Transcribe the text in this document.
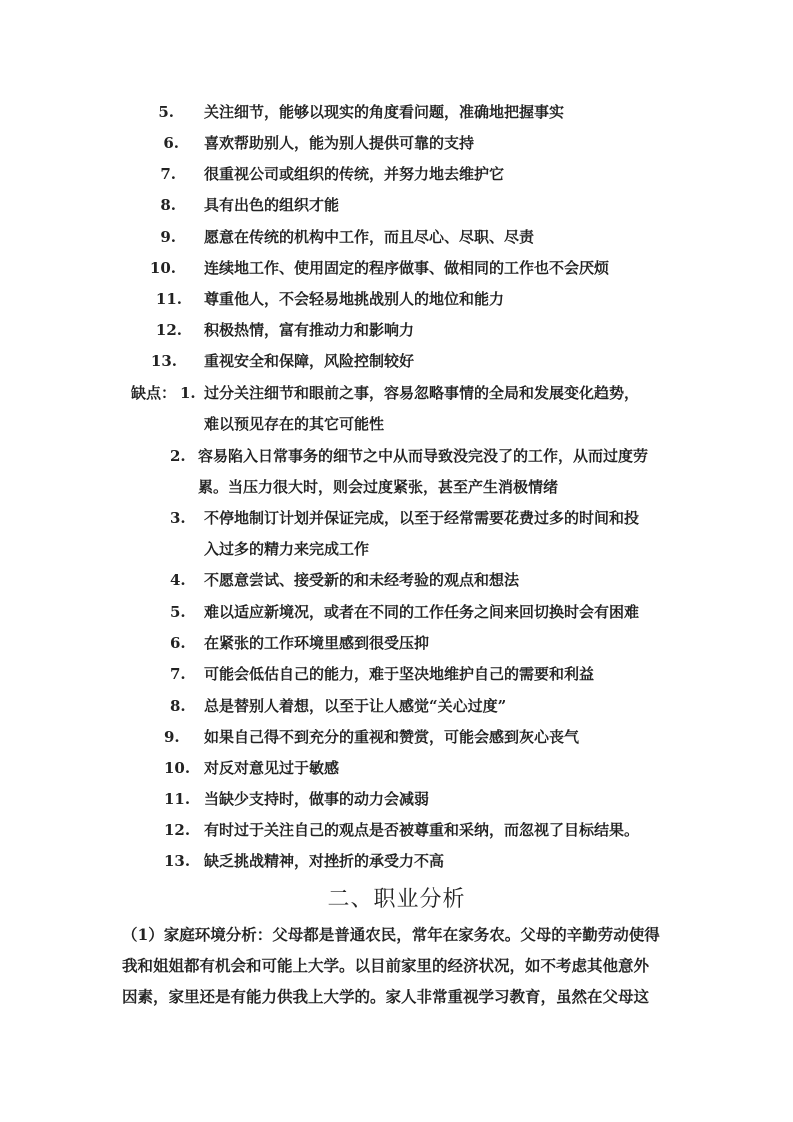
5. 关注细节，能够以现实的角度看问题，准确地把握事实
6. 喜欢帮助别人，能为别人提供可靠的支持
7. 很重视公司或组织的传统，并努力地去维护它
8. 具有出色的组织才能
9. 愿意在传统的机构中工作，而且尽心、尽职、尽责
10. 连续地工作、使用固定的程序做事、做相同的工作也不会厌烦
11. 尊重他人，不会轻易地挑战别人的地位和能力
12. 积极热情，富有推动力和影响力
13. 重视安全和保障，风险控制较好
缺点： 1. 过分关注细节和眼前之事，容易忽略事情的全局和发展变化趋势，
难以预见存在的其它可能性
2. 容易陷入日常事务的细节之中从而导致没完没了的工作，从而过度劳
累。当压力很大时，则会过度紧张，甚至产生消极情绪
3. 不停地制订计划并保证完成，以至于经常需要花费过多的时间和投
入过多的精力来完成工作
4. 不愿意尝试、接受新的和未经考验的观点和想法
5. 难以适应新境况，或者在不同的工作任务之间来回切换时会有困难
6. 在紧张的工作环境里感到很受压抑
7. 可能会低估自己的能力，难于坚决地维护自己的需要和利益
8. 总是替别人着想，以至于让人感觉“关心过度”
9. 如果自己得不到充分的重视和赞赏，可能会感到灰心丧气
10. 对反对意见过于敏感
11. 当缺少支持时，做事的动力会减弱
12. 有时过于关注自己的观点是否被尊重和采纳，而忽视了目标结果。
13. 缺乏挑战精神，对挫折的承受力不高
二、职业分析
（1）家庭环境分析：父母都是普通农民，常年在家务农。父母的辛勤劳动使得
我和姐姐都有机会和可能上大学。以目前家里的经济状况，如不考虑其他意外
因素，家里还是有能力供我上大学的。家人非常重视学习教育，虽然在父母这
